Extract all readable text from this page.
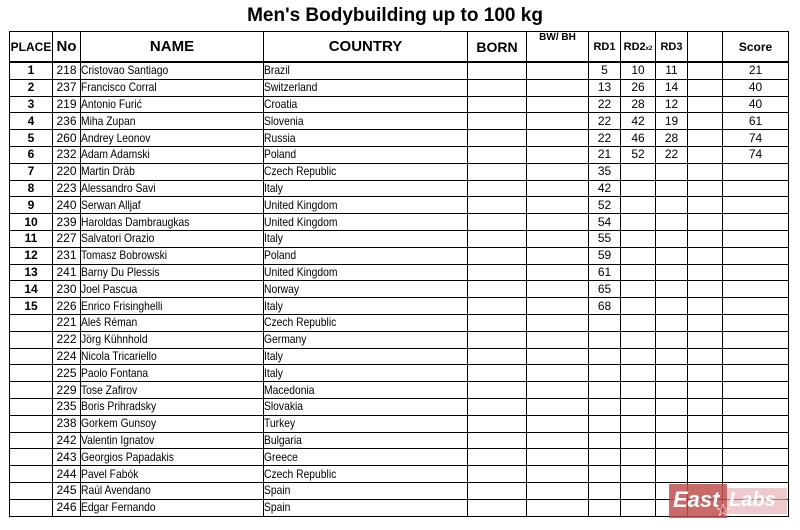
Men's Bodybuilding up to 100 kg
PLACE	No	NAME	COUNTRY	BORN	BW/ BH	RD1	RD2x2	RD3		Score
1	218	Cristovao Santiago	Brazil			5	10	11		21
2	237	Francisco Corral	Switzerland			13	26	14		40
3	219	Antonio Furić	Croatia			22	28	12		40
4	236	Miha Zupan	Slovenia			22	42	19		61
5	260	Andrey Leonov	Russia			22	46	28		74
6	232	Adam Adamski	Poland			21	52	22		74
7	220	Martin Dráb	Czech Republic			35				
8	223	Alessandro Savi	Italy			42				
9	240	Serwan Alljaf	United Kingdom			52				
10	239	Haroldas Dambraugkas	United Kingdom			54				
11	227	Salvatori Orazio	Italy			55				
12	231	Tomasz Bobrowski	Poland			59				
13	241	Barny Du Plessis	United Kingdom			61				
14	230	Joel Pascua	Norway			65				
15	226	Enrico Frisinghelli	Italy			68				
	221	Aleš Réman	Czech Republic							
	222	Jörg Kühnhold	Germany							
	224	Nicola Tricariello	Italy							
	225	Paolo Fontana	Italy							
	229	Tose Zafirov	Macedonia							
	235	Boris Prihradsky	Slovakia							
	238	Gorkem Gunsoy	Turkey							
	242	Valentin Ignatov	Bulgaria							
	243	Georgios Papadakis	Greece							
	244	Pavel Fabók	Czech Republic							
	245	Raúl Avendano	Spain							
	246	Edgar Fernando	Spain								East Labs
☆
